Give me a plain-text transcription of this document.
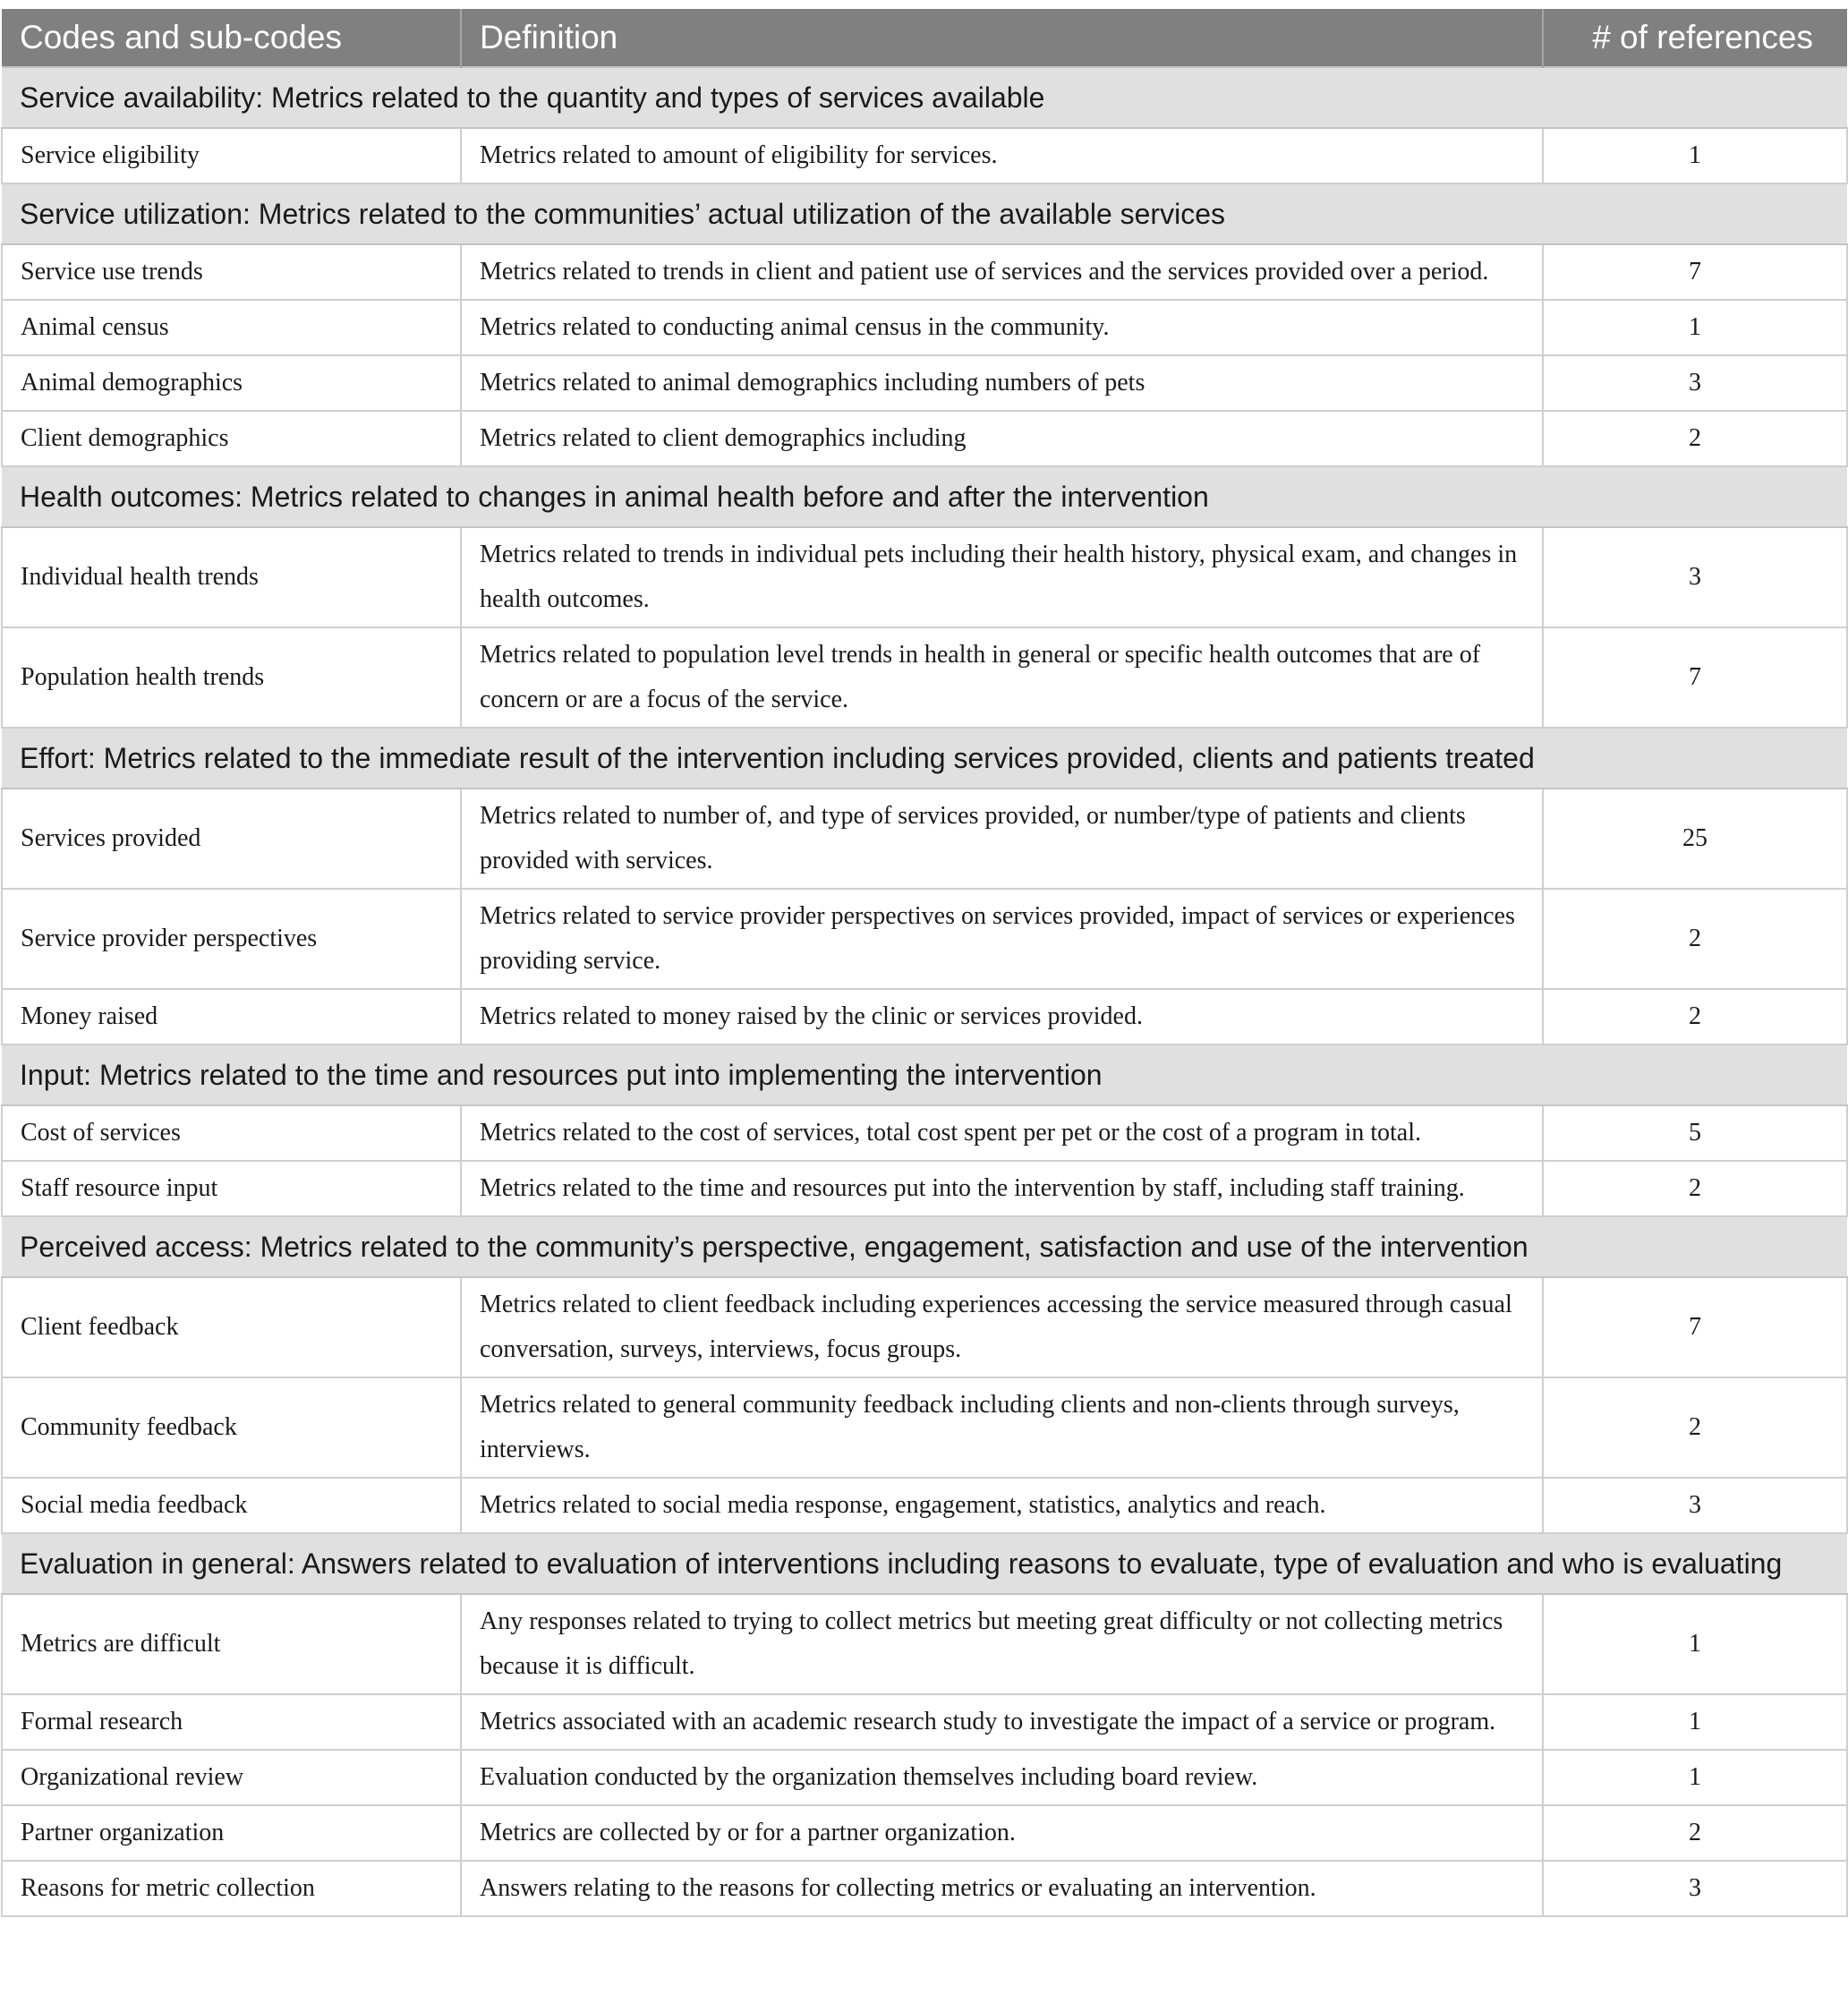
Codes and sub-codes	Definition	# of references
Service availability: Metrics related to the quantity and types of services available		
Service eligibility	Metrics related to amount of eligibility for services.	1
Service utilization: Metrics related to the communities’ actual utilization of the available services		
Service use trends	Metrics related to trends in client and patient use of services and the services provided over a period.	7
Animal census	Metrics related to conducting animal census in the community.	1
Animal demographics	Metrics related to animal demographics including numbers of pets	3
Client demographics	Metrics related to client demographics including	2
Health outcomes: Metrics related to changes in animal health before and after the intervention		
Individual health trends	Metrics related to trends in individual pets including their health history, physical exam, and changes in health outcomes.	3
Population health trends	Metrics related to population level trends in health in general or specific health outcomes that are of concern or are a focus of the service.	7
Effort: Metrics related to the immediate result of the intervention including services provided, clients and patients treated		
Services provided	Metrics related to number of, and type of services provided, or number/type of patients and clients provided with services.	25
Service provider perspectives	Metrics related to service provider perspectives on services provided, impact of services or experiences providing service.	2
Money raised	Metrics related to money raised by the clinic or services provided.	2
Input: Metrics related to the time and resources put into implementing the intervention		
Cost of services	Metrics related to the cost of services, total cost spent per pet or the cost of a program in total.	5
Staff resource input	Metrics related to the time and resources put into the intervention by staff, including staff training.	2
Perceived access: Metrics related to the community’s perspective, engagement, satisfaction and use of the intervention		
Client feedback	Metrics related to client feedback including experiences accessing the service measured through casual conversation, surveys, interviews, focus groups.	7
Community feedback	Metrics related to general community feedback including clients and non-clients through surveys, interviews.	2
Social media feedback	Metrics related to social media response, engagement, statistics, analytics and reach.	3
Evaluation in general: Answers related to evaluation of interventions including reasons to evaluate, type of evaluation and who is evaluating		
Metrics are difficult	Any responses related to trying to collect metrics but meeting great difficulty or not collecting metrics because it is difficult.	1
Formal research	Metrics associated with an academic research study to investigate the impact of a service or program.	1
Organizational review	Evaluation conducted by the organization themselves including board review.	1
Partner organization	Metrics are collected by or for a partner organization.	2
Reasons for metric collection	Answers relating to the reasons for collecting metrics or evaluating an intervention.	3
